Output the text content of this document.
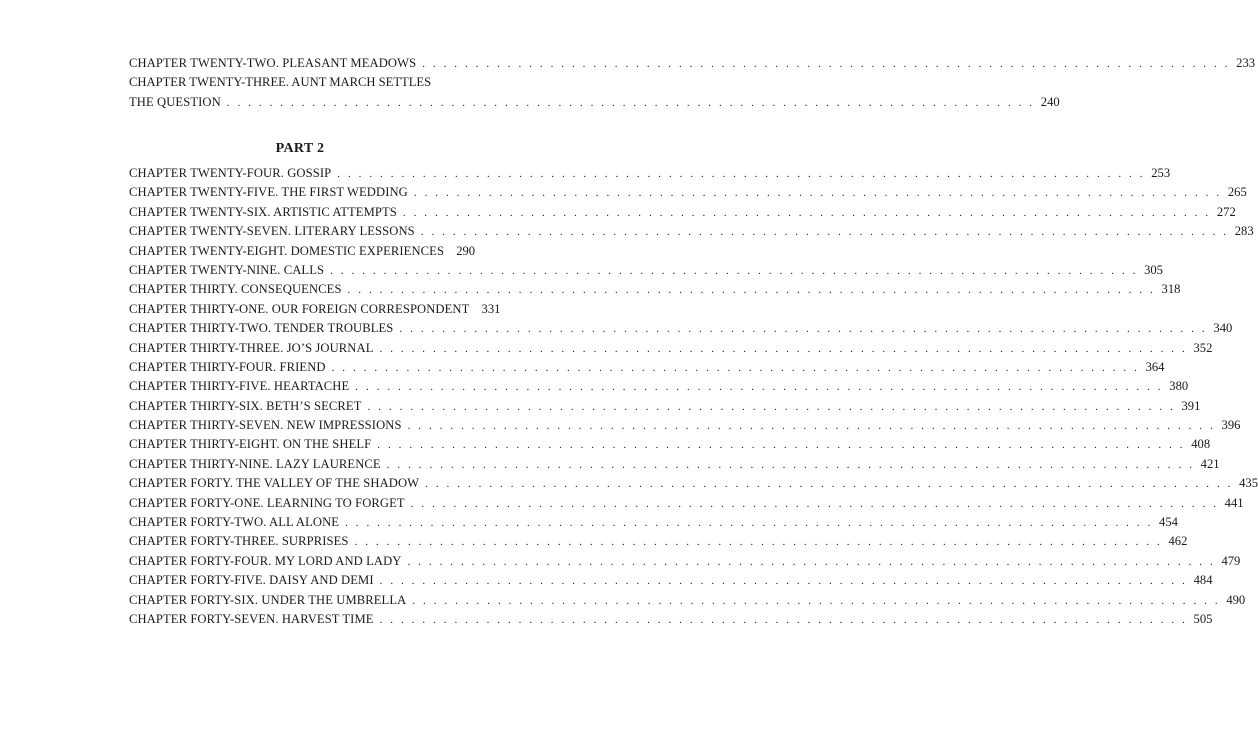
CHAPTER TWENTY-TWO. PLEASANT MEADOWS . . .	233
CHAPTER TWENTY-THREE. AUNT MARCH SETTLES
THE QUESTION . . .	240
PART 2
CHAPTER TWENTY-FOUR. GOSSIP . . .	253
CHAPTER TWENTY-FIVE. THE FIRST WEDDING . . .	265
CHAPTER TWENTY-SIX. ARTISTIC ATTEMPTS . . .	272
CHAPTER TWENTY-SEVEN. LITERARY LESSONS . . .	283
CHAPTER TWENTY-EIGHT. DOMESTIC EXPERIENCES 290
CHAPTER TWENTY-NINE. CALLS . . .	305
CHAPTER THIRTY. CONSEQUENCES . . .	318
CHAPTER THIRTY-ONE. OUR FOREIGN CORRESPONDENT 331
CHAPTER THIRTY-TWO. TENDER TROUBLES . . .	340
CHAPTER THIRTY-THREE. JO’S JOURNAL . . .	352
CHAPTER THIRTY-FOUR. FRIEND . . .	364
CHAPTER THIRTY-FIVE. HEARTACHE . . .	380
CHAPTER THIRTY-SIX. BETH’S SECRET . . .	391
CHAPTER THIRTY-SEVEN. NEW IMPRESSIONS . . .	396
CHAPTER THIRTY-EIGHT. ON THE SHELF . . .	408
CHAPTER THIRTY-NINE. LAZY LAURENCE . . .	421
CHAPTER FORTY. THE VALLEY OF THE SHADOW . . .	435
CHAPTER FORTY-ONE. LEARNING TO FORGET . . .	441
CHAPTER FORTY-TWO. ALL ALONE . . .	454
CHAPTER FORTY-THREE. SURPRISES . . .	462
CHAPTER FORTY-FOUR. MY LORD AND LADY . . .	479
CHAPTER FORTY-FIVE. DAISY AND DEMI . . .	484
CHAPTER FORTY-SIX. UNDER THE UMBRELLA . . .	490
CHAPTER FORTY-SEVEN. HARVEST TIME . . .	505
